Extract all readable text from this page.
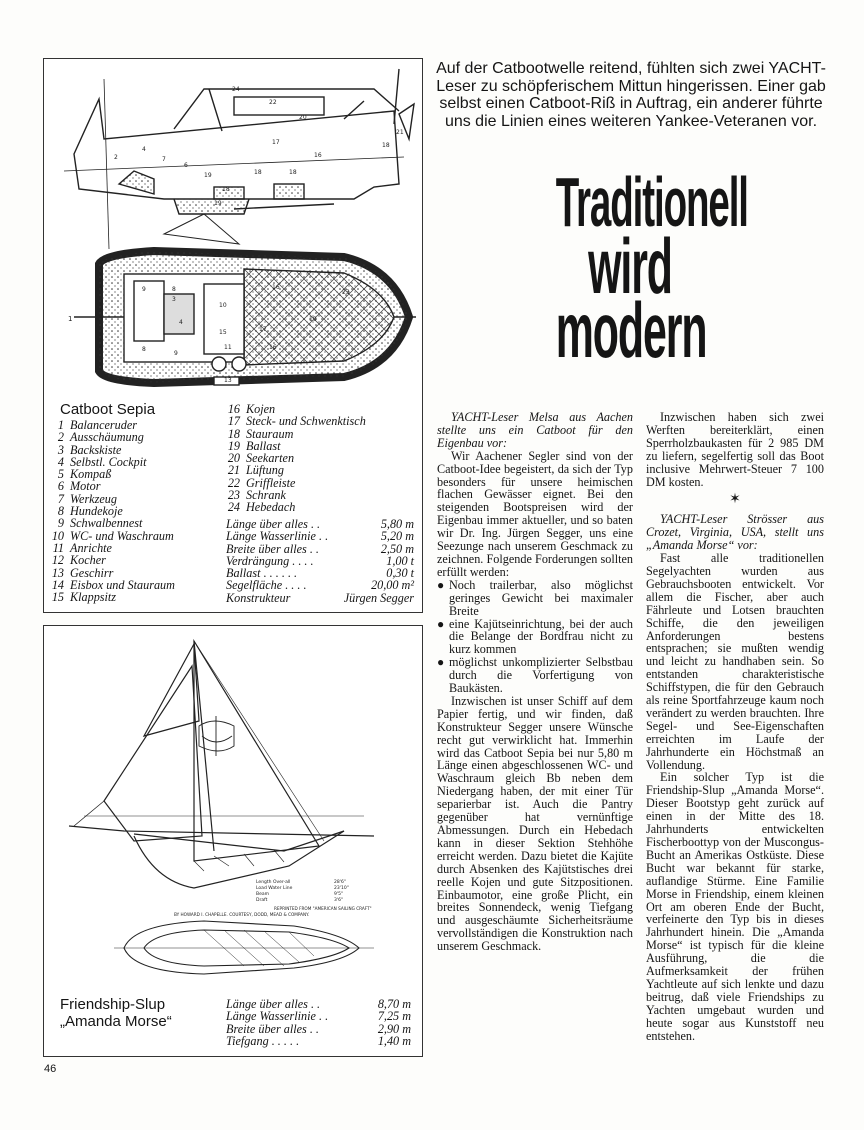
24
22
20
17
16
18
21
2
4
7
6
19	18	18
18
19
1
9	8
3
4
10
15	17
16
16
23
19
11
8
9
13
Catboot Sepia
1 Balanceruder
2 Ausschäumung
3 Backskiste
4 Selbstl. Cockpit
5 Kompaß
6 Motor
7 Werkzeug
8 Hundekoje
9 Schwalbennest
10 WC- und Waschraum
11 Anrichte
12 Kocher
13 Geschirr
14 Eisbox und Stauraum
15 Klappsitz
16 Kojen
17 Steck- und Schwenktisch
18 Stauraum
19 Ballast
20 Seekarten
21 Lüftung
22 Griffleiste
23 Schrank
24 Hebedach
Länge über alles . .	5,80 m
Länge Wasserlinie . .	5,20 m
Breite über alles . .	2,50 m
Verdrängung . . . .	1,00 t
Ballast . . . . . .	0,30 t
Segelfläche . . . .	20,00 m²
Konstrukteur	Jürgen Segger
Length Over-all	28'6"
Load Water Line	23'10"
Beam	9'5"
Draft	3'6"
REPRINTED FROM "AMERICAN SAILING CRAFT"
BY HOWARD I. CHAPELLE. COURTESY, DODD, MEAD & COMPANY.
Friendship-Slup
„Amanda Morse“
Länge über alles . .	8,70 m
Länge Wasserlinie . .	7,25 m
Breite über alles . .	2,90 m
Tiefgang . . . . .	1,40 m
Auf der Catbootwelle reitend, fühlten sich zwei YACHT-Leser zu schöpferischem Mittun hingerissen. Einer gab selbst einen Catboot-Riß in Auftrag, ein anderer führte uns die Linien eines weiteren Yankee-Veteranen vor.
Traditionell
wird
modern

YACHT-Leser Melsa aus Aachen stellte uns ein Catboot für den Eigenbau vor:

Wir Aachener Segler sind von der Catboot-Idee begeistert, da sich der Typ besonders für unsere heimischen flachen Gewässer eignet. Bei den steigenden Bootspreisen wird der Eigenbau immer aktueller, und so baten wir Dr. Ing. Jürgen Segger, uns eine Seezunge nach unserem Geschmack zu zeichnen. Folgende Forderungen sollten erfüllt werden:

● Noch trailerbar, also möglichst geringes Gewicht bei maximaler Breite
● eine Kajütseinrichtung, bei der auch die Belange der Bordfrau nicht zu kurz kommen
● möglichst unkomplizierter Selbstbau durch die Vorfertigung von Baukästen.

Inzwischen ist unser Schiff auf dem Papier fertig, und wir finden, daß Konstrukteur Segger unsere Wünsche recht gut verwirklicht hat. Immerhin wird das Catboot Sepia bei nur 5,80 m Länge einen abgeschlossenen WC- und Waschraum gleich Bb neben dem Niedergang haben, der mit einer Tür separierbar ist. Auch die Pantry gegenüber hat vernünftige Abmessungen. Durch ein Hebedach kann in dieser Sektion Stehhöhe erreicht werden. Dazu bietet die Kajüte durch Absenken des Kajütstisches drei reelle Kojen und gute Sitzpositionen. Einbaumotor, eine große Plicht, ein breites Sonnendeck, wenig Tiefgang und ausgeschäumte Sicherheitsräume vervollständigen die Konstruktion nach unserem Geschmack.

Inzwischen haben sich zwei Werften bereiterklärt, einen Sperrholzbaukasten für 2 985 DM zu liefern, segelfertig soll das Boot inclusive Mehrwert-Steuer 7 100 DM kosten.

✶

YACHT-Leser Strösser aus Crozet, Virginia, USA, stellt uns „Amanda Morse“ vor:

Fast alle traditionellen Segelyachten wurden aus Gebrauchsbooten entwickelt. Vor allem die Fischer, aber auch Fährleute und Lotsen brauchten Schiffe, die den jeweiligen Anforderungen bestens entsprachen; sie mußten wendig und leicht zu handhaben sein. So entstanden charakteristische Schiffstypen, die für den Gebrauch als reine Sportfahrzeuge kaum noch verändert zu werden brauchten. Ihre Segel- und See-Eigenschaften erreichten im Laufe der Jahrhunderte ein Höchstmaß an Vollendung.

Ein solcher Typ ist die Friendship-Slup „Amanda Morse“. Dieser Bootstyp geht zurück auf einen in der Mitte des 18. Jahrhunderts entwickelten Fischerboottyp von der Muscongus-Bucht an Amerikas Ostküste. Diese Bucht war bekannt für starke, auflandige Stürme. Eine Familie Morse in Friendship, einem kleinen Ort am oberen Ende der Bucht, verfeinerte den Typ bis in dieses Jahrhundert hinein. Die „Amanda Morse“ ist typisch für die kleine Ausführung, die die Aufmerksamkeit der frühen Yachtleute auf sich lenkte und dazu beitrug, daß viele Friendships zu Yachten umgebaut wurden und heute sogar aus Kunststoff neu entstehen.

46
